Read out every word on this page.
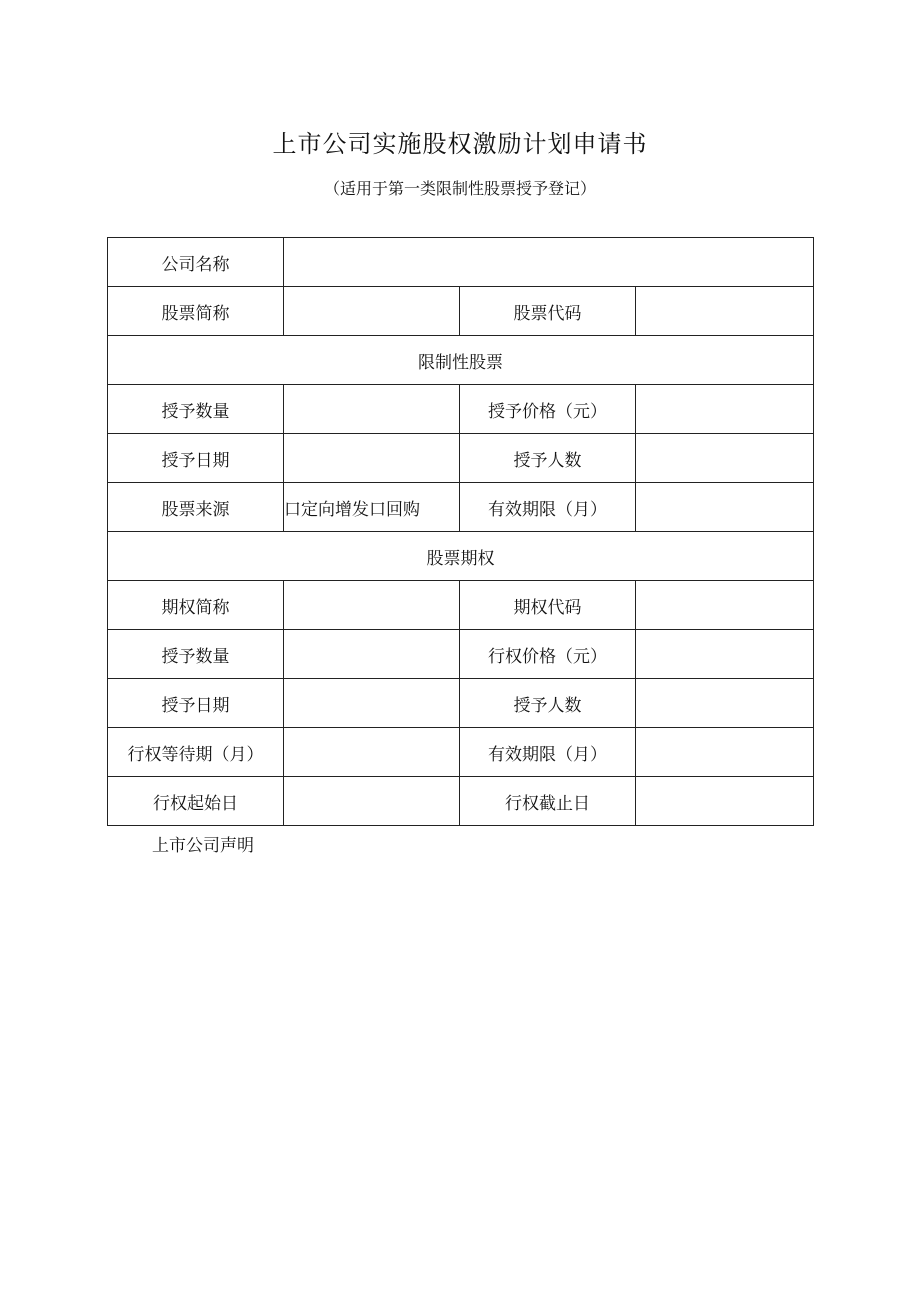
上市公司实施股权激励计划申请书
（适用于第一类限制性股票授予登记）
公司名称			
股票简称		股票代码	
限制性股票			
授予数量		授予价格（元）	
授予日期		授予人数	
股票来源	口定向增发口回购	有效期限（月）	
股票期权			
期权简称		期权代码	
授予数量		行权价格（元）	
授予日期		授予人数	
行权等待期（月）		有效期限（月）	
行权起始日		行权截止日	
上市公司声明
